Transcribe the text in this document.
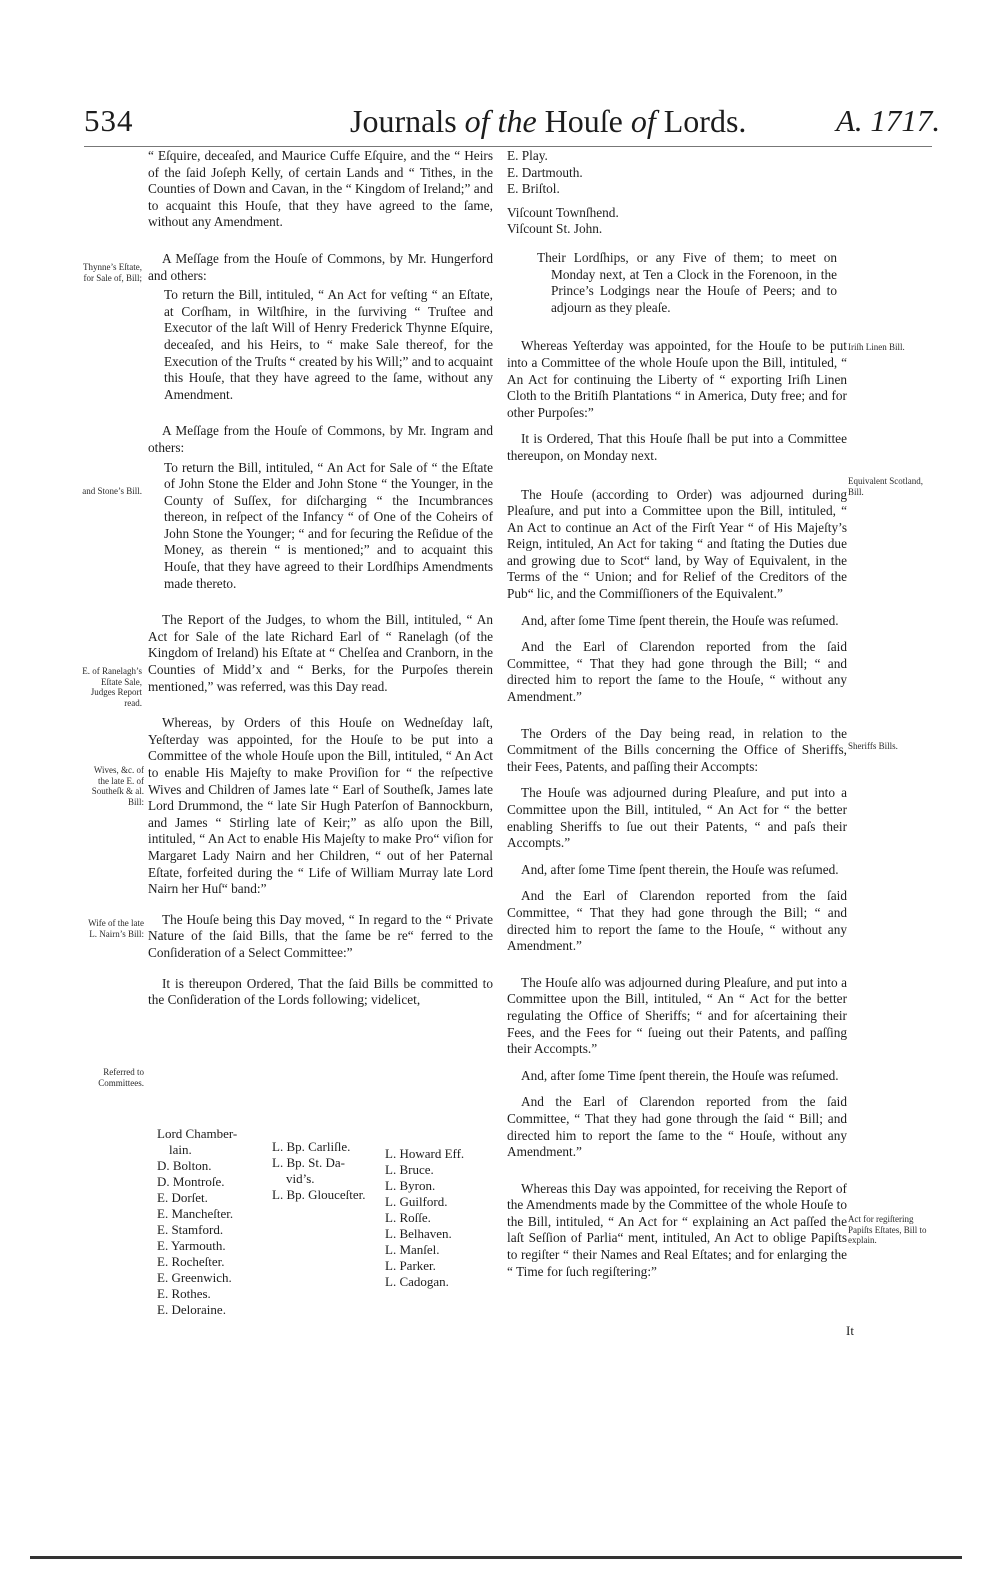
534	Journals of the Houſe of Lords.	A. 1717.
Thynne’s Eſtate, for Sale of, Bill;
and Stone’s Bill.
E. of Ranelagh’s Eſtate Sale, Judges Report read.
Wives, &c. of the late E. of Southeſk & al. Bill:
Wife of the late L. Nairn’s Bill:
Referred to Committees.
Iriſh Linen Bill.
Equivalent Scotland, Bill.
Sheriffs Bills.
Act for regiſtering Papiſts Eſtates, Bill to explain.

“ Eſquire, deceaſed, and Maurice Cuffe Eſquire, and the “ Heirs of the ſaid Joſeph Kelly, of certain Lands and “ Tithes, in the Counties of Down and Cavan, in the “ Kingdom of Ireland;” and to acquaint this Houſe, that they have agreed to the ſame, without any Amendment.

A Meſſage from the Houſe of Commons, by Mr. Hungerford and others:

To return the Bill, intituled, “ An Act for veſting “ an Eſtate, at Corſham, in Wiltſhire, in the ſurviving “ Truſtee and Executor of the laſt Will of Henry Frederick Thynne Eſquire, deceaſed, and his Heirs, to “ make Sale thereof, for the Execution of the Truſts “ created by his Will;” and to acquaint this Houſe, that they have agreed to the ſame, without any Amendment.

A Meſſage from the Houſe of Commons, by Mr. Ingram and others:

To return the Bill, intituled, “ An Act for Sale of “ the Eſtate of John Stone the Elder and John Stone “ the Younger, in the County of Suſſex, for diſcharging “ the Incumbrances thereon, in reſpect of the Infancy “ of One of the Coheirs of John Stone the Younger; “ and for ſecuring the Reſidue of the Money, as therein “ is mentioned;” and to acquaint this Houſe, that they have agreed to their Lordſhips Amendments made thereto.

The Report of the Judges, to whom the Bill, intituled, “ An Act for Sale of the late Richard Earl of “ Ranelagh (of the Kingdom of Ireland) his Eſtate at “ Chelſea and Cranborn, in the Counties of Midd’x and “ Berks, for the Purpoſes therein mentioned,” was referred, was this Day read.

Whereas, by Orders of this Houſe on Wedneſday laſt, Yeſterday was appointed, for the Houſe to be put into a Committee of the whole Houſe upon the Bill, intituled, “ An Act to enable His Majeſty to make Proviſion for “ the reſpective Wives and Children of James late “ Earl of Southeſk, James late Lord Drummond, the “ late Sir Hugh Paterſon of Bannockburn, and James “ Stirling late of Keir;” as alſo upon the Bill, intituled, “ An Act to enable His Majeſty to make Pro“ viſion for Margaret Lady Nairn and her Children, “ out of her Paternal Eſtate, forfeited during the “ Life of William Murray late Lord Nairn her Huſ“ band:”

The Houſe being this Day moved, “ In regard to the “ Private Nature of the ſaid Bills, that the ſame be re“ ferred to the Conſideration of a Select Committee:”

It is thereupon Ordered, That the ſaid Bills be committed to the Conſideration of the Lords following; videlicet,

Lord Chamber-
lain.
D. Bolton.
D. Montroſe.
E. Dorſet.
E. Mancheſter.
E. Stamford.
E. Yarmouth.
E. Rocheſter.
E. Greenwich.
E. Rothes.
E. Deloraine.
L. Bp. Carliſle.
L. Bp. St. Da-
vid’s.
L. Bp. Glouceſter.
L. Howard Eff.
L. Bruce.
L. Byron.
L. Guilford.
L. Roſſe.
L. Belhaven.
L. Manſel.
L. Parker.
L. Cadogan.
E. Play.
E. Dartmouth.
E. Briſtol.
Viſcount Townſhend.
Viſcount St. John.

Their Lordſhips, or any Five of them; to meet on Monday next, at Ten a Clock in the Forenoon, in the Prince’s Lodgings near the Houſe of Peers; and to adjourn as they pleaſe.

Whereas Yeſterday was appointed, for the Houſe to be put into a Committee of the whole Houſe upon the Bill, intituled, “ An Act for continuing the Liberty of “ exporting Iriſh Linen Cloth to the Britiſh Plantations “ in America, Duty free; and for other Purpoſes:”

It is Ordered, That this Houſe ſhall be put into a Committee thereupon, on Monday next.

The Houſe (according to Order) was adjourned during Pleaſure, and put into a Committee upon the Bill, intituled, “ An Act to continue an Act of the Firſt Year “ of His Majeſty’s Reign, intituled, An Act for taking “ and ſtating the Duties due and growing due to Scot“ land, by Way of Equivalent, in the Terms of the “ Union; and for Relief of the Creditors of the Pub“ lic, and the Commiſſioners of the Equivalent.”

And, after ſome Time ſpent therein, the Houſe was reſumed.

And the Earl of Clarendon reported from the ſaid Committee, “ That they had gone through the Bill; “ and directed him to report the ſame to the Houſe, “ without any Amendment.”

The Orders of the Day being read, in relation to the Commitment of the Bills concerning the Office of Sheriffs, their Fees, Patents, and paſſing their Accompts:

The Houſe was adjourned during Pleaſure, and put into a Committee upon the Bill, intituled, “ An Act for “ the better enabling Sheriffs to ſue out their Patents, “ and paſs their Accompts.”

And, after ſome Time ſpent therein, the Houſe was reſumed.

And the Earl of Clarendon reported from the ſaid Committee, “ That they had gone through the Bill; “ and directed him to report the ſame to the Houſe, “ without any Amendment.”

The Houſe alſo was adjourned during Pleaſure, and put into a Committee upon the Bill, intituled, “ An “ Act for the better regulating the Office of Sheriffs; “ and for aſcertaining their Fees, and the Fees for “ ſueing out their Patents, and paſſing their Accompts.”

And, after ſome Time ſpent therein, the Houſe was reſumed.

And the Earl of Clarendon reported from the ſaid Committee, “ That they had gone through the ſaid “ Bill; and directed him to report the ſame to the “ Houſe, without any Amendment.”

Whereas this Day was appointed, for receiving the Report of the Amendments made by the Committee of the whole Houſe to the Bill, intituled, “ An Act for “ explaining an Act paſſed the laſt Seſſion of Parlia“ ment, intituled, An Act to oblige Papiſts to regiſter “ their Names and Real Eſtates; and for enlarging the “ Time for ſuch regiſtering:”

It
